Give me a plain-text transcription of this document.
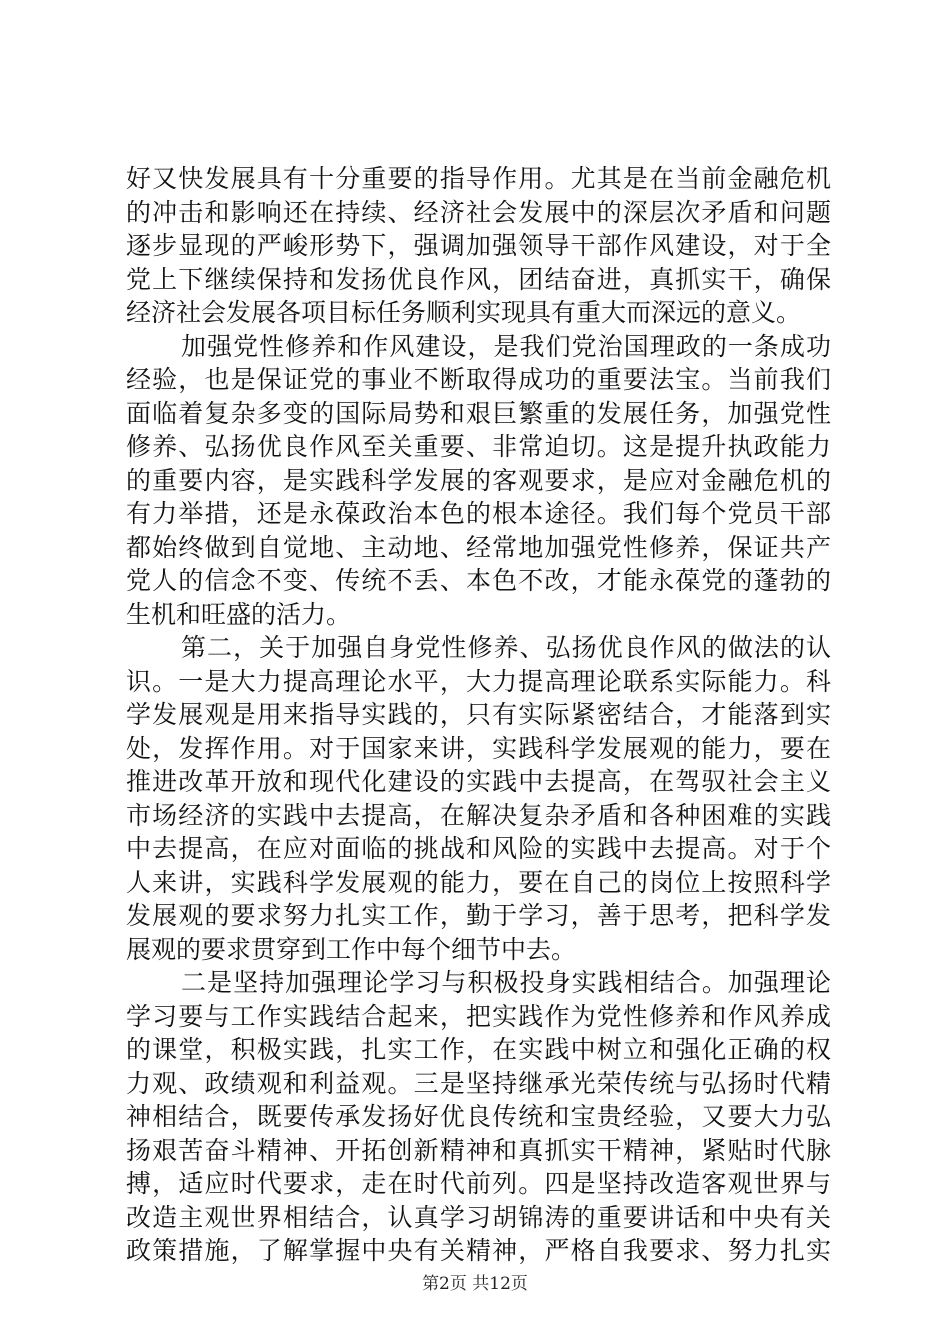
好又快发展具有十分重要的指导作用。尤其是在当前金融危机
的冲击和影响还在持续、经济社会发展中的深层次矛盾和问题
逐步显现的严峻形势下，强调加强领导干部作风建设，对于全
党上下继续保持和发扬优良作风，团结奋进，真抓实干，确保
经济社会发展各项目标任务顺利实现具有重大而深远的意义。
加强党性修养和作风建设，是我们党治国理政的一条成功
经验，也是保证党的事业不断取得成功的重要法宝。当前我们
面临着复杂多变的国际局势和艰巨繁重的发展任务，加强党性
修养、弘扬优良作风至关重要、非常迫切。这是提升执政能力
的重要内容，是实践科学发展的客观要求，是应对金融危机的
有力举措，还是永葆政治本色的根本途径。我们每个党员干部
都始终做到自觉地、主动地、经常地加强党性修养，保证共产
党人的信念不变、传统不丢、本色不改，才能永葆党的蓬勃的
生机和旺盛的活力。
第二，关于加强自身党性修养、弘扬优良作风的做法的认
识。一是大力提高理论水平，大力提高理论联系实际能力。科
学发展观是用来指导实践的，只有实际紧密结合，才能落到实
处，发挥作用。对于国家来讲，实践科学发展观的能力，要在
推进改革开放和现代化建设的实践中去提高，在驾驭社会主义
市场经济的实践中去提高，在解决复杂矛盾和各种困难的实践
中去提高，在应对面临的挑战和风险的实践中去提高。对于个
人来讲，实践科学发展观的能力，要在自己的岗位上按照科学
发展观的要求努力扎实工作，勤于学习，善于思考，把科学发
展观的要求贯穿到工作中每个细节中去。
二是坚持加强理论学习与积极投身实践相结合。加强理论
学习要与工作实践结合起来，把实践作为党性修养和作风养成
的课堂，积极实践，扎实工作，在实践中树立和强化正确的权
力观、政绩观和利益观。三是坚持继承光荣传统与弘扬时代精
神相结合，既要传承发扬好优良传统和宝贵经验，又要大力弘
扬艰苦奋斗精神、开拓创新精神和真抓实干精神，紧贴时代脉
搏，适应时代要求，走在时代前列。四是坚持改造客观世界与
改造主观世界相结合，认真学习胡锦涛的重要讲话和中央有关
政策措施，了解掌握中央有关精神，严格自我要求、努力扎实
第2页 共12页
